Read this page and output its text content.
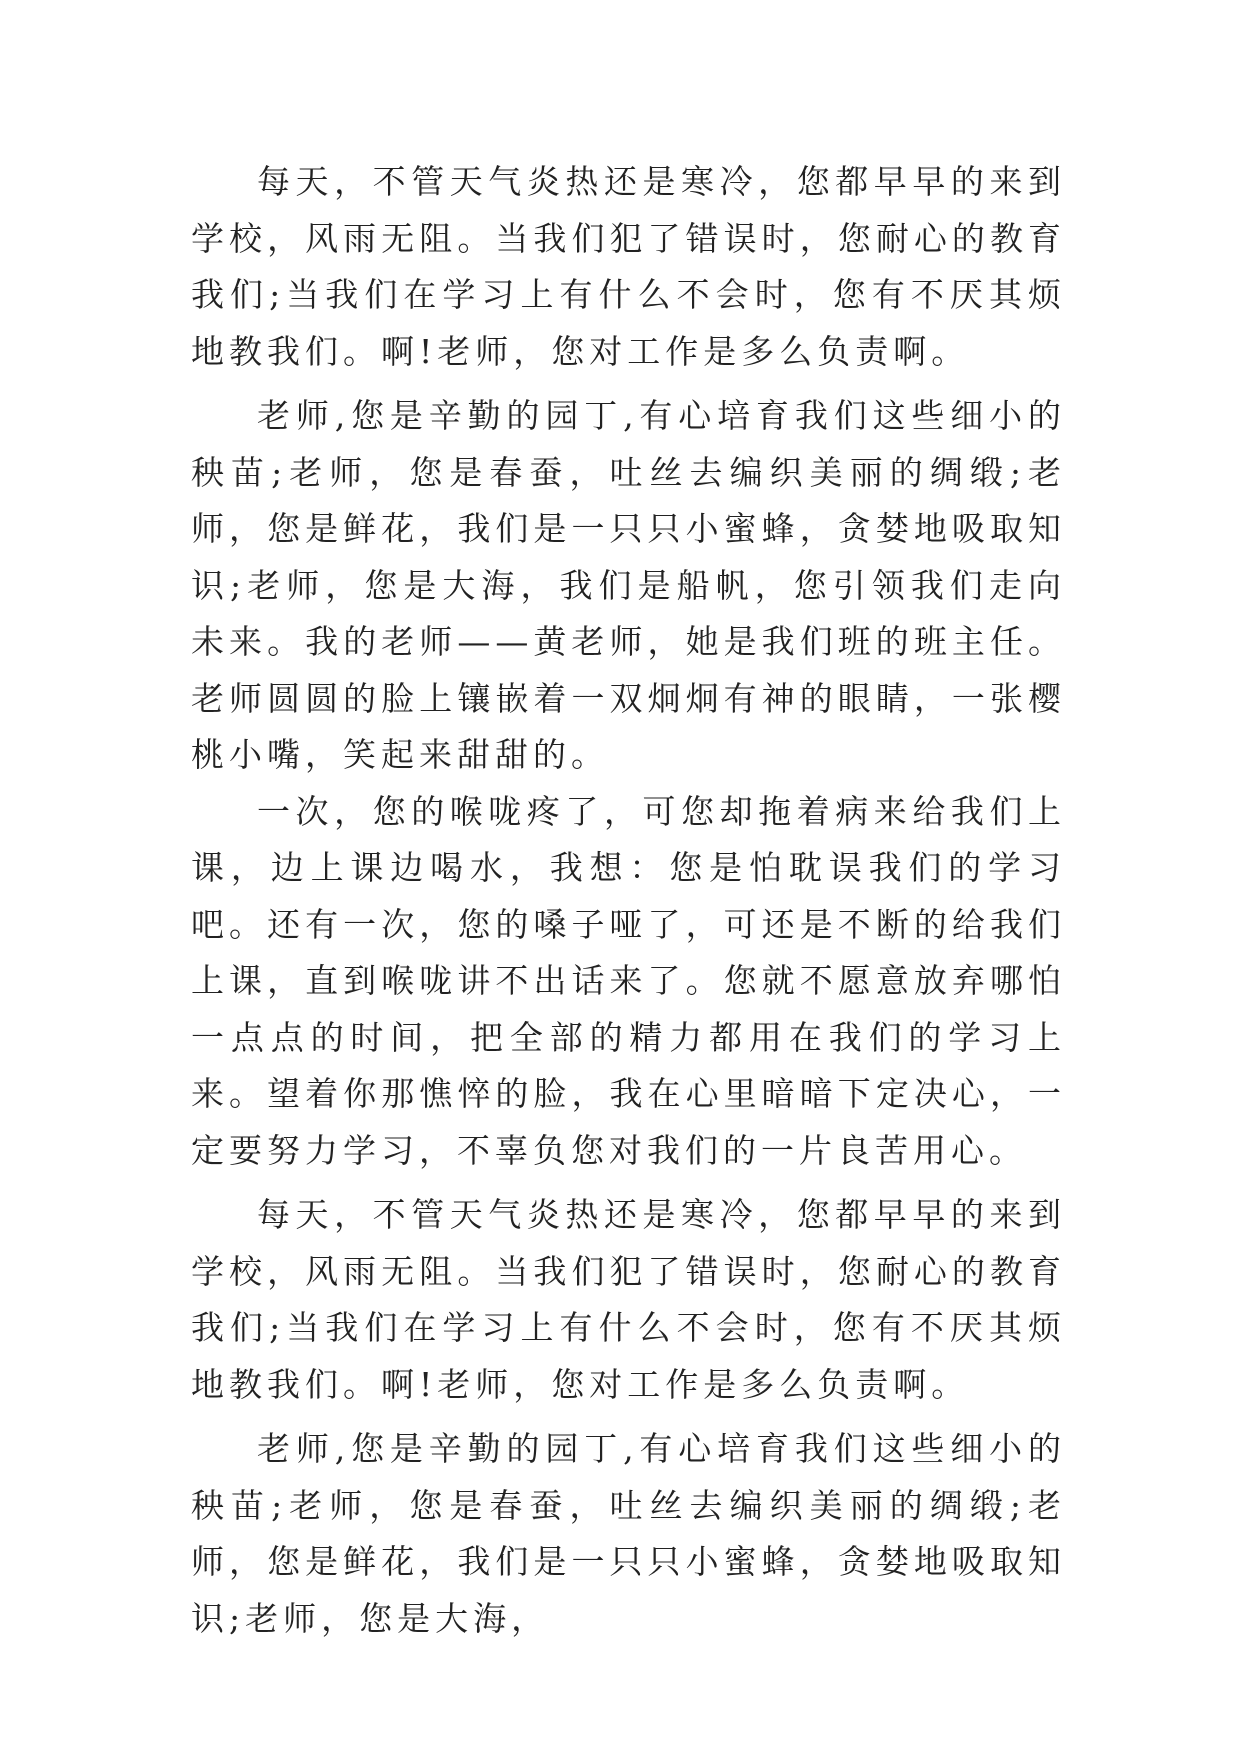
每天，不管天气炎热还是寒冷，您都早早的来到学校，风雨无阻。当我们犯了错误时，您耐心的教育我们;当我们在学习上有什么不会时，您有不厌其烦地教我们。啊!老师，您对工作是多么负责啊。

老师,您是辛勤的园丁,有心培育我们这些细小的秧苗;老师，您是春蚕，吐丝去编织美丽的绸缎;老师，您是鲜花，我们是一只只小蜜蜂，贪婪地吸取知识;老师，您是大海，我们是船帆，您引领我们走向未来。我的老师——黄老师，她是我们班的班主任。老师圆圆的脸上镶嵌着一双炯炯有神的眼睛，一张樱桃小嘴，笑起来甜甜的。

一次，您的喉咙疼了，可您却拖着病来给我们上课，边上课边喝水，我想：您是怕耽误我们的学习吧。还有一次，您的嗓子哑了，可还是不断的给我们上课，直到喉咙讲不出话来了。您就不愿意放弃哪怕一点点的时间，把全部的精力都用在我们的学习上来。望着你那憔悴的脸，我在心里暗暗下定决心，一定要努力学习，不辜负您对我们的一片良苦用心。

每天，不管天气炎热还是寒冷，您都早早的来到学校，风雨无阻。当我们犯了错误时，您耐心的教育我们;当我们在学习上有什么不会时，您有不厌其烦地教我们。啊!老师，您对工作是多么负责啊。

老师,您是辛勤的园丁,有心培育我们这些细小的秧苗;老师，您是春蚕，吐丝去编织美丽的绸缎;老师，您是鲜花，我们是一只只小蜜蜂，贪婪地吸取知识;老师，您是大海，
